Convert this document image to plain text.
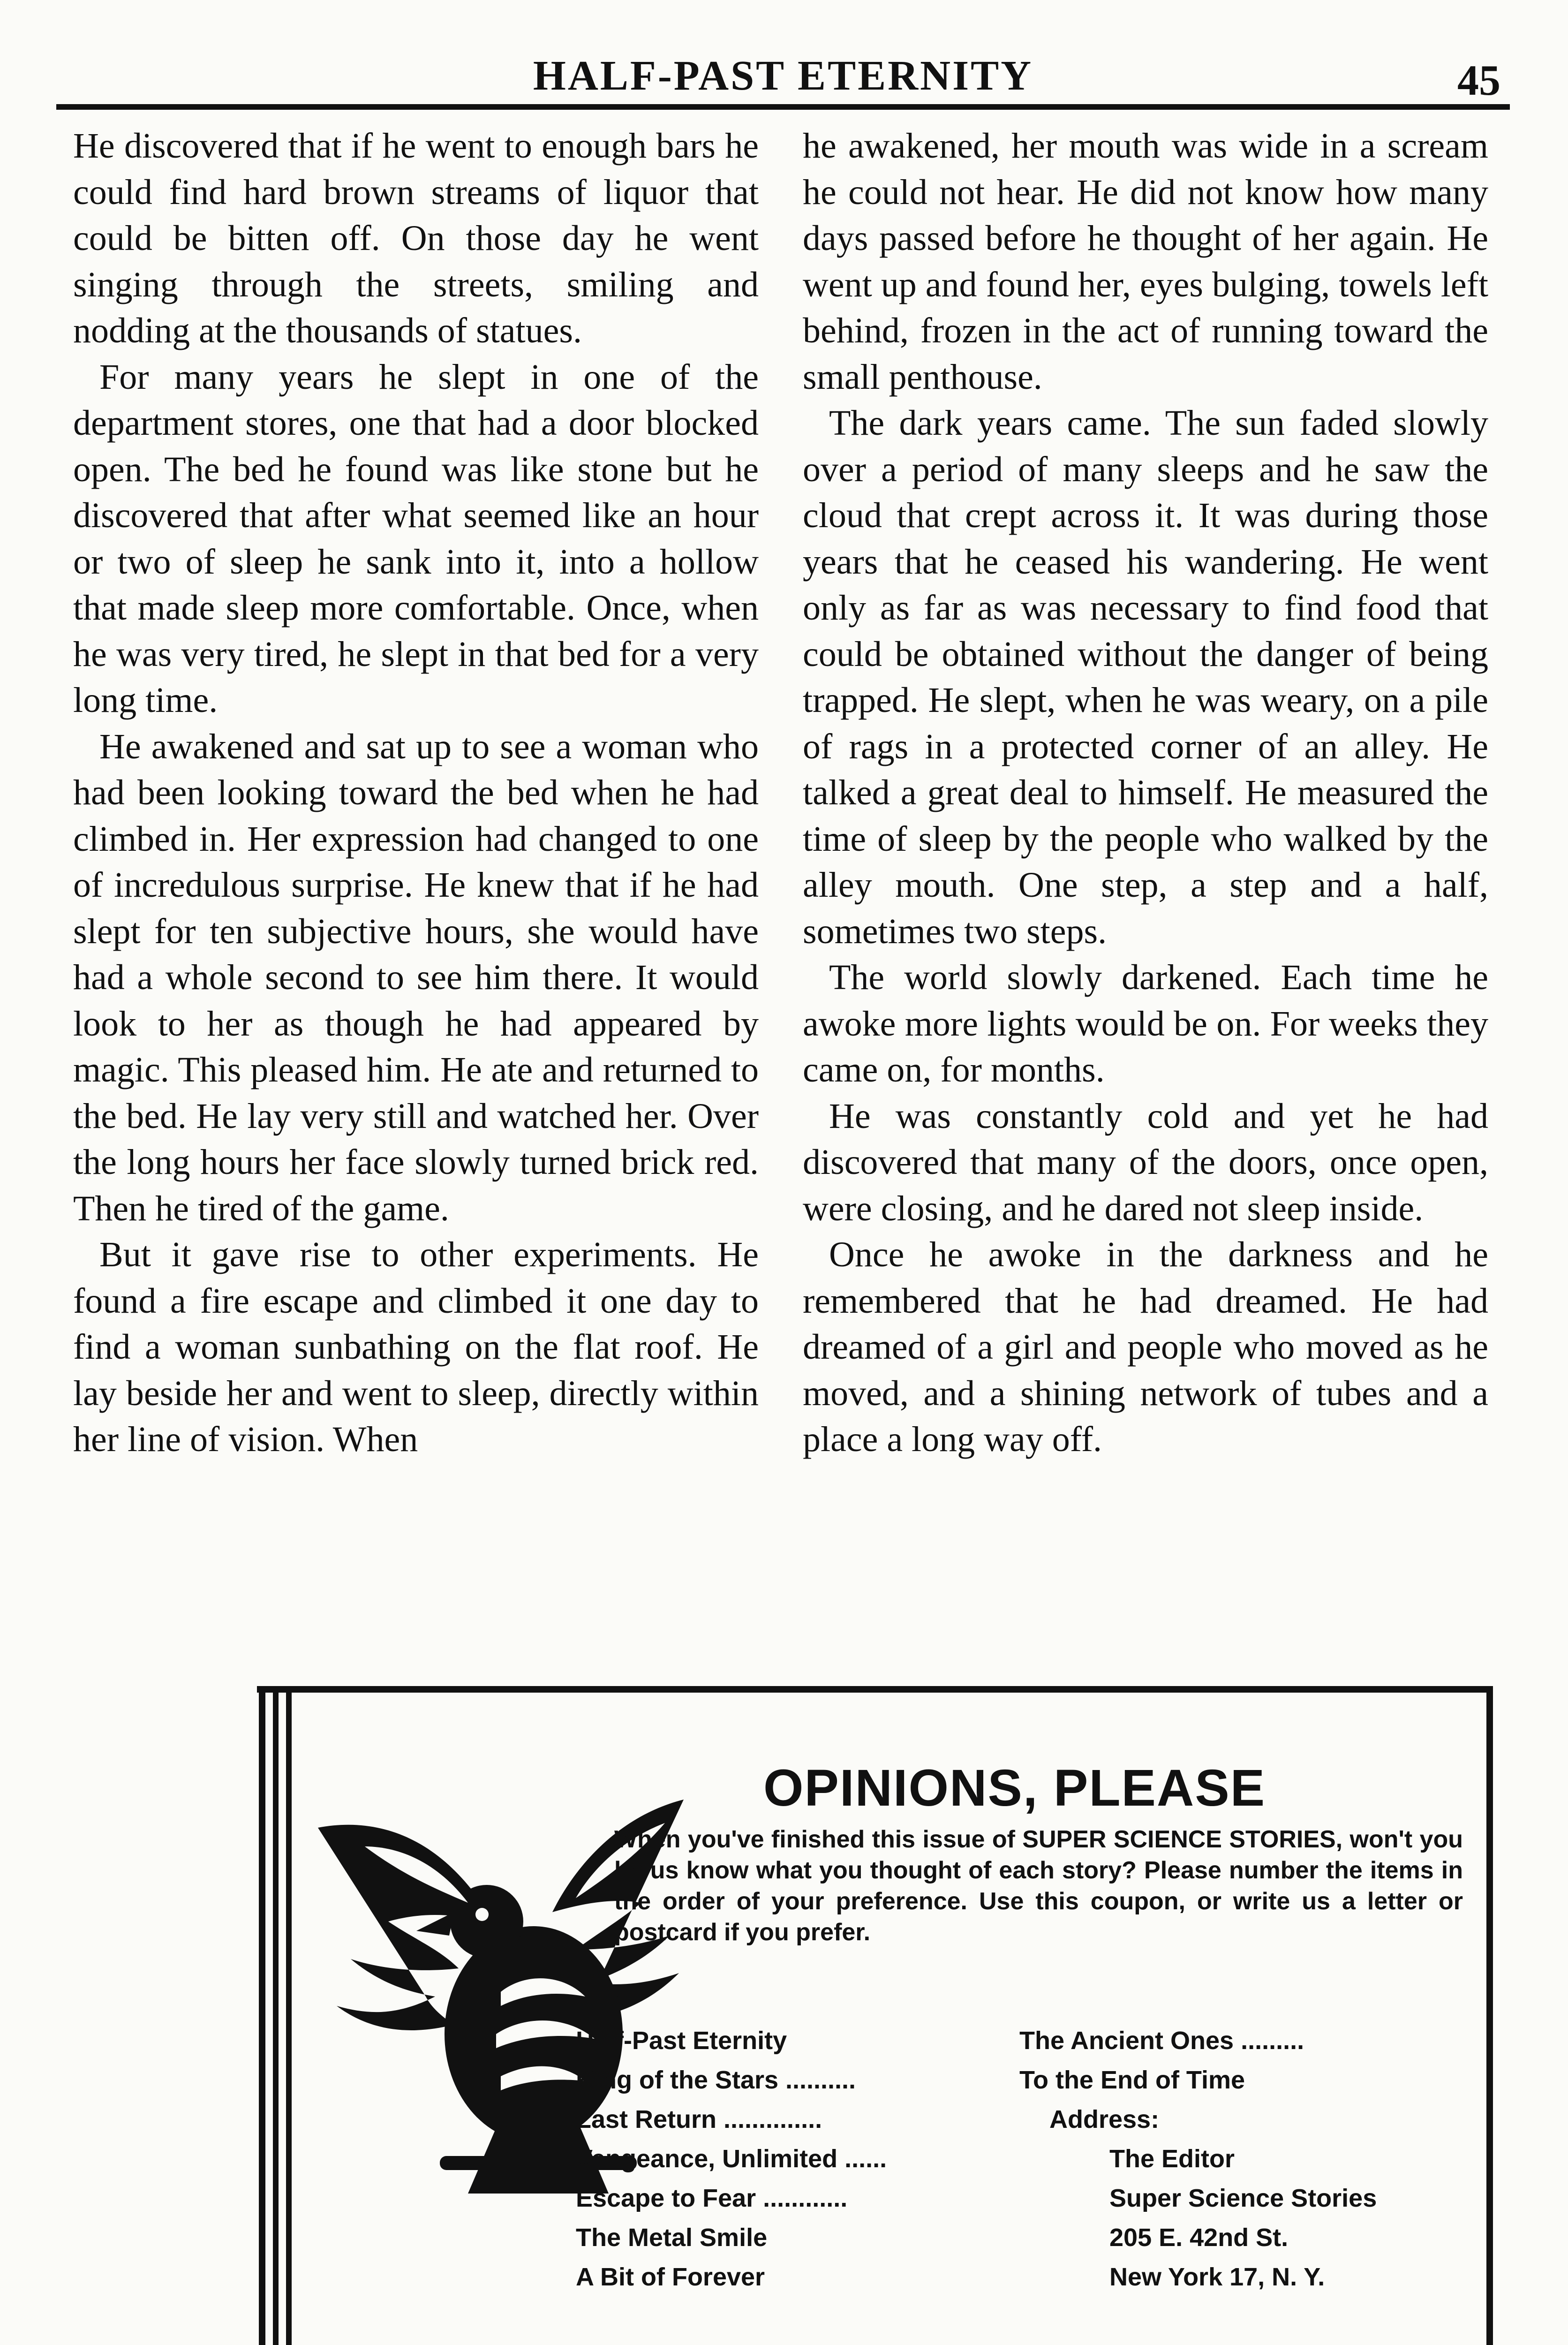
HALF-PAST ETERNITY	45

He discovered that if he went to enough bars he could find hard brown streams of liquor that could be bitten off. On those day he went singing through the streets, smiling and nodding at the thousands of statues.

For many years he slept in one of the department stores, one that had a door blocked open. The bed he found was like stone but he discovered that after what seemed like an hour or two of sleep he sank into it, into a hollow that made sleep more comfortable. Once, when he was very tired, he slept in that bed for a very long time.

He awakened and sat up to see a woman who had been looking toward the bed when he had climbed in. Her expression had changed to one of incredulous surprise. He knew that if he had slept for ten subjective hours, she would have had a whole second to see him there. It would look to her as though he had appeared by magic. This pleased him. He ate and returned to the bed. He lay very still and watched her. Over the long hours her face slowly turned brick red. Then he tired of the game.

But it gave rise to other experiments. He found a fire escape and climbed it one day to find a woman sunbathing on the flat roof. He lay beside her and went to sleep, directly within her line of vision. When

he awakened, her mouth was wide in a scream he could not hear. He did not know how many days passed before he thought of her again. He went up and found her, eyes bulging, towels left behind, frozen in the act of running toward the small penthouse.

The dark years came. The sun faded slowly over a period of many sleeps and he saw the cloud that crept across it. It was during those years that he ceased his wandering. He went only as far as was necessary to find food that could be obtained without the danger of being trapped. He slept, when he was weary, on a pile of rags in a protected corner of an alley. He talked a great deal to himself. He measured the time of sleep by the people who walked by the alley mouth. One step, a step and a half, sometimes two steps.

The world slowly darkened. Each time he awoke more lights would be on. For weeks they came on, for months.

He was constantly cold and yet he had discovered that many of the doors, once open, were closing, and he dared not sleep inside.

Once he awoke in the darkness and he remembered that he had dreamed. He had dreamed of a girl and people who moved as he moved, and a shining network of tubes and a place a long way off.

OPINIONS, PLEASE
When you've finished this issue of SUPER SCIENCE STORIES, won't you let us know what you thought of each story? Please number the items in the order of your preference. Use this coupon, or write us a letter or postcard if you prefer.
Half-Past Eternity
King of the Stars ..........
Last Return ..............
Vengeance, Unlimited ......
Escape to Fear ............
The Metal Smile
A Bit of Forever
The Ancient Ones .........
To the End of Time
Address:
The Editor
Super Science Stories
205 E. 42nd St.
New York 17, N. Y.
